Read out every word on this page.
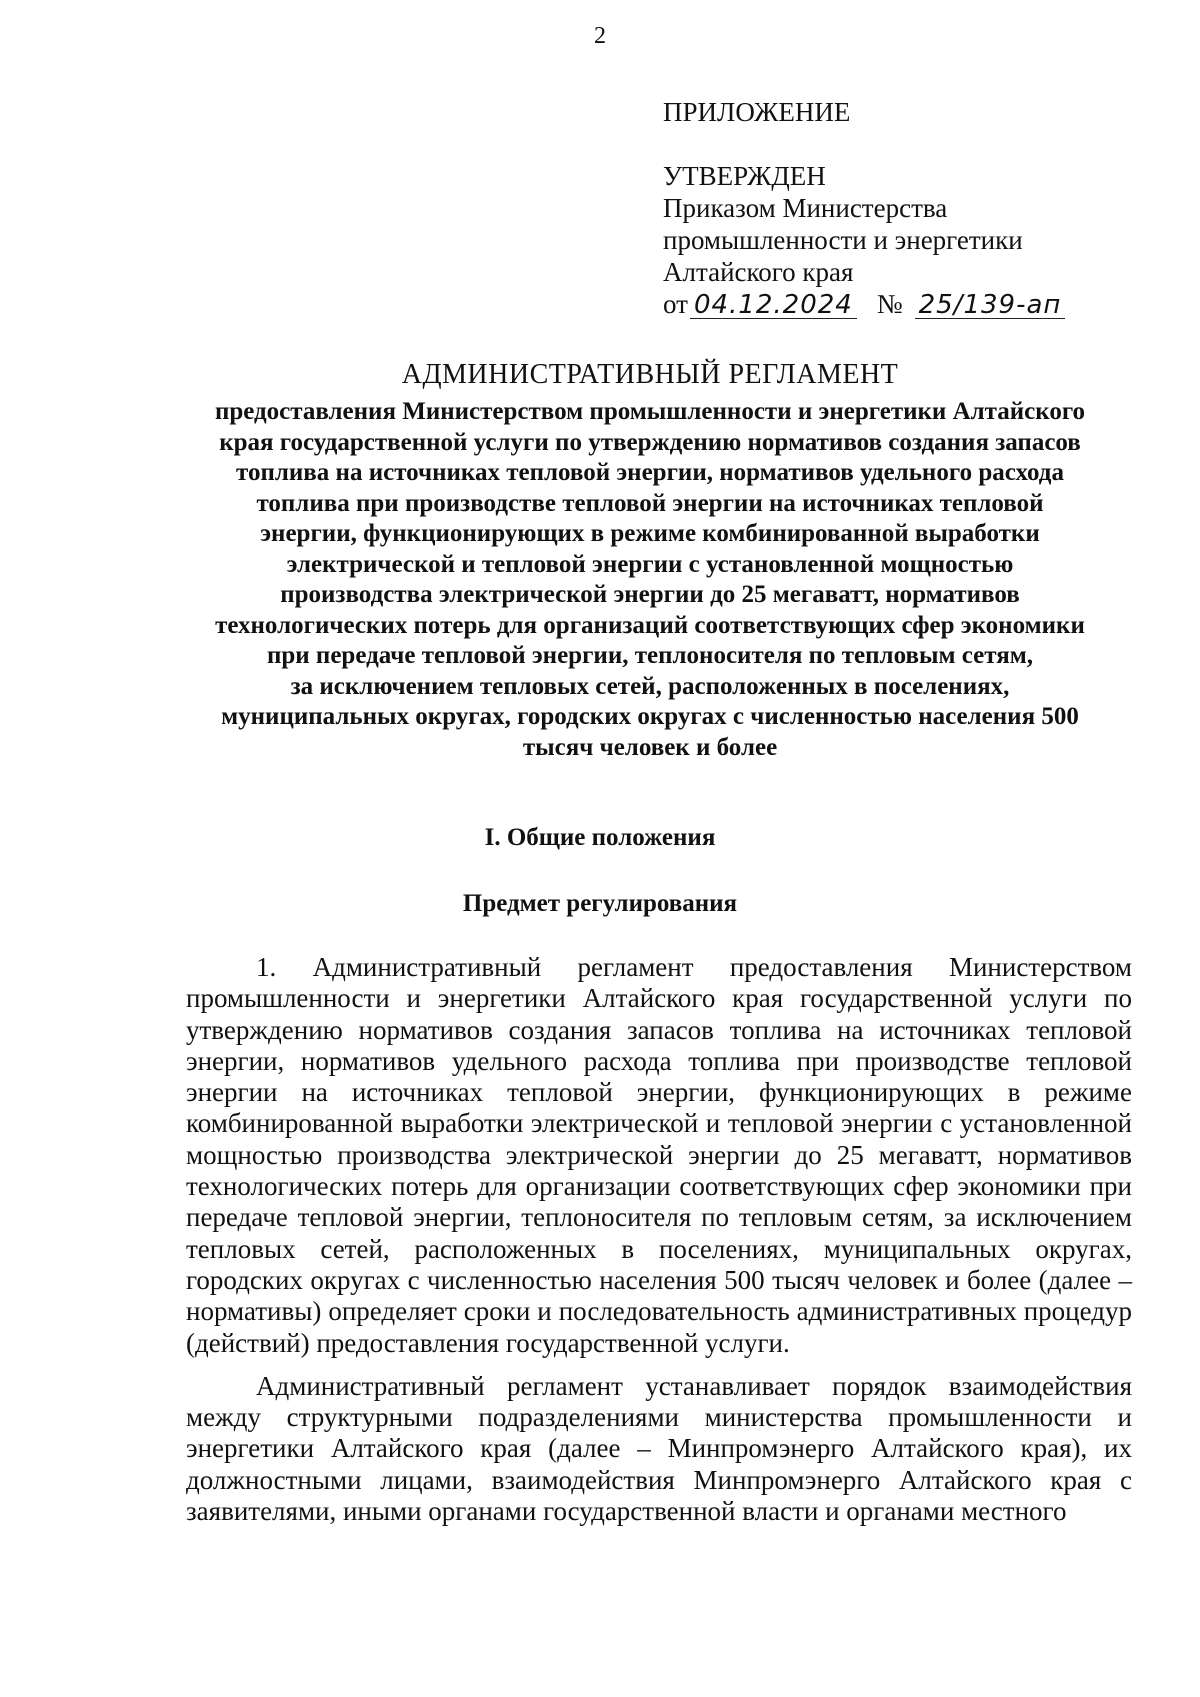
2
ПРИЛОЖЕНИЕ
УТВЕРЖДЕН
Приказом Министерства
промышленности и энергетики
Алтайского края
от 04.12.2024 № 25/139-ап
АДМИНИСТРАТИВНЫЙ РЕГЛАМЕНТ
предоставления Министерством промышленности и энергетики Алтайского
края государственной услуги по утверждению нормативов создания запасов
топлива на источниках тепловой энергии, нормативов удельного расхода
топлива при производстве тепловой энергии на источниках тепловой
энергии, функционирующих в режиме комбинированной выработки
электрической и тепловой энергии с установленной мощностью
производства электрической энергии до 25 мегаватт, нормативов
технологических потерь для организаций соответствующих сфер экономики
при передаче тепловой энергии, теплоносителя по тепловым сетям,
за исключением тепловых сетей, расположенных в поселениях,
муниципальных округах, городских округах с численностью населения 500
тысяч человек и более
I. Общие положения
Предмет регулирования

1. Административный регламент предоставления Министерством промышленности и энергетики Алтайского края государственной услуги по утверждению нормативов создания запасов топлива на источниках тепловой энергии, нормативов удельного расхода топлива при производстве тепловой энергии на источниках тепловой энергии, функционирующих в режиме комбинированной выработки электрической и тепловой энергии с установленной мощностью производства электрической энергии до 25 мегаватт, нормативов технологических потерь для организации соответствующих сфер экономики при передаче тепловой энергии, теплоносителя по тепловым сетям, за исключением тепловых сетей, расположенных в поселениях, муниципальных округах, городских округах с численностью населения 500 тысяч человек и более (далее – нормативы) определяет сроки и последовательность административных процедур (действий) предоставления государственной услуги.

Административный регламент устанавливает порядок взаимодействия между структурными подразделениями министерства промышленности и энергетики Алтайского края (далее – Минпромэнерго Алтайского края), их должностными лицами, взаимодействия Минпромэнерго Алтайского края с заявителями, иными органами государственной власти и органами местного
